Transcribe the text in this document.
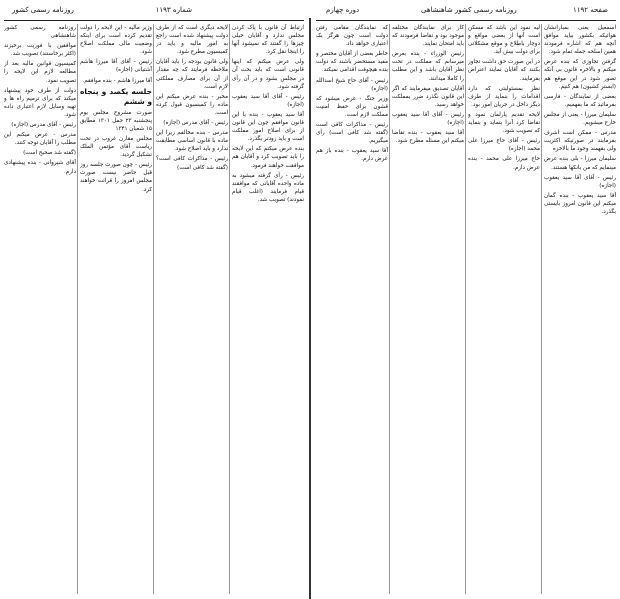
روزنامه رسمی کشور	شماره ۱۱۹۳

ارتباط آن قانون با پاک کردن مجلس ندارد و آقایان خیلی چیزها را گفتند که نمیشود آنها را اینجا نقل کرد.

ولی عرض میکنم که اینها قانونی است که باید بحث آن در مجلس بشود و در آن رأی گرفته شود.

رئیس - آقای آقا سید یعقوب (اجازه)

آقا سید یعقوب - بنده با این قانون موافقم چون این قانون از برای اصلاح امور مملکت است و باید زودتر بگذرد.

بنده عرض میکنم که این لایحه را باید تصویب کرد و آقایان هم موافقت خواهند فرمود.

رئیس - رأی گرفته میشود به ماده واحده آقایانی که موافقند قیام فرمایند (اغلب قیام نمودند) تصویب شد.

لایحه دیگری است که از طرف دولت پیشنهاد شده است راجع به امور مالیه و باید در کمیسیون مطرح شود.

ولی قانون بودجه را باید آقایان ملاحظه فرمایند که چه مقدار از آن برای مصارف مملکتی لازم است.

مخبر - بنده عرض میکنم این ماده را کمیسیون قبول کرده است.

رئیس - آقای مدرس (اجازه)

مدرس - بنده مخالفم زیرا این ماده با قانون اساسی مطابقت ندارد و باید اصلاح شود.

رئیس - مذاکرات کافی است؟ (گفته شد کافی است)

وزیر مالیه - این لایحه را دولت تقدیم کرده است برای اینکه وضعیت مالی مملکت اصلاح شود.

رئیس - آقای آقا میرزا هاشم آشتیانی (اجازه)

آقا میرزا هاشم - بنده موافقم.

جلسه یکصد و پنجاه و ششم

صورت مشروح مجلس یوم پنجشنبه ۲۳ حمل ۱۳۰۱ مطابق ۱۵ شعبان ۱۳۴۱

مجلس مقارن غروب در تحت ریاست آقای مؤتمن الملک تشکیل گردید.

رئیس - چون صورت جلسه روز قبل حاضر نیست صورت مجلس امروز را قرائت خواهند کرد.

روزنامه رسمی کشور شاهنشاهی

موافقین با فوریت برخیزند (اکثر برخاستند) تصویب شد.

کمیسیون قوانین مالیه بعد از مطالعه لازم این لایحه را تصویب نمود.

دولت از طرف خود پیشنهاد میکند که برای ترمیم راه ها و تهیه وسایل لازم اعتباری داده شود.

رئیس - آقای مدرس (اجازه)

مدرس - عرض میکنم این مطلب را آقایان توجه کنند.

(گفته شد صحیح است)

آقای شیروانی - بنده پیشنهادی دارم.

صفحه ۱۱۹۲
روزنامه رسمی کشور شاهنشاهی
دوره چهارم

اسمعیل یعنی بمبارانشان هوائیکه بکشور بیاید موافق آنچه هم که اشاره فرمودند همین اسلحه جمله تمام شود.

گرفتن تجاوزی که بنده عرض میکنم و بالاخره قانون بی آنکه تصور شود در این موقع هم (ابستر کشیون) هم کنیم.

بعضی از نمایندگان - فارسی بفرمائید که ما بفهمیم.

سلیمان میرزا - یعنی از مجلس خارج میشویم.

مدرس - ممکن است اشرف بفرمایند در صورتیکه اکثریت ولی بفهمند وجود ما بالاخره

سلیمان میرزا - بلی بنده عرض مینمایم که من بانکها هستند.

رئیس - آقای آقا سید یعقوب (اجازه)

آقا سید یعقوب - بنده گمان میکنم این قانون امروز بایستی بگذرد.

لیه نمود این باشد که مسکن است آنها از بعضی مواقع و دوچار باطلاع و موقع مشکلاتی برای دولت بیش آید.

در این صورت حق داشت تجاوز بکنند که آقایان نمایند اعتراض بفرمایند.

نظر بمسئولیتی که دارد اقدامات را بنماید از طرف دیگر داخل در جریان امور بود.

لایحه تقدیم پارلمان نمود و تقاضا کرد آنرا بنماید و بنماید که تصویب شود.

رئیس - آقای حاج میرزا علی محمد (اجازه)

حاج میرزا علی محمد - بنده عرض دارم.

کار برای نمایندگان مختلفه موجود بود و تقاضا فرمودند که باید امتحان نمایند.

رئیس الوزراء - بنده بعرض میرسانم که مملکت در تحت نظر آقایان باشد و این مطلب را کاملا میدانند.

آقایان تصدیق میفرمایند که اگر این قانون نگذرد ضرر بمملکت خواهد رسید.

رئیس - آقای آقا سید یعقوب (اجازه)

آقا سید یعقوب - بنده تقاضا میکنم این مسئله مطرح شود.

که نمایندگان مقامی رفتن دولت است چون هرگز یک اعتباری خواهد داد.

خاطر بعضی از آقایان مختصر و مفید مستحضر باشند که دولت بنده هیچوقت اقدامی نمیکند.

رئیس - آقای حاج شیخ اسدالله (اجازه)

وزیر جنگ - عرض میشود که قشون برای حفظ امنیت مملکت لازم است.

رئیس - مذاکرات کافی است (گفته شد کافی است) رأی میگیریم.

آقا سید یعقوب - بنده باز هم عرض دارم.
